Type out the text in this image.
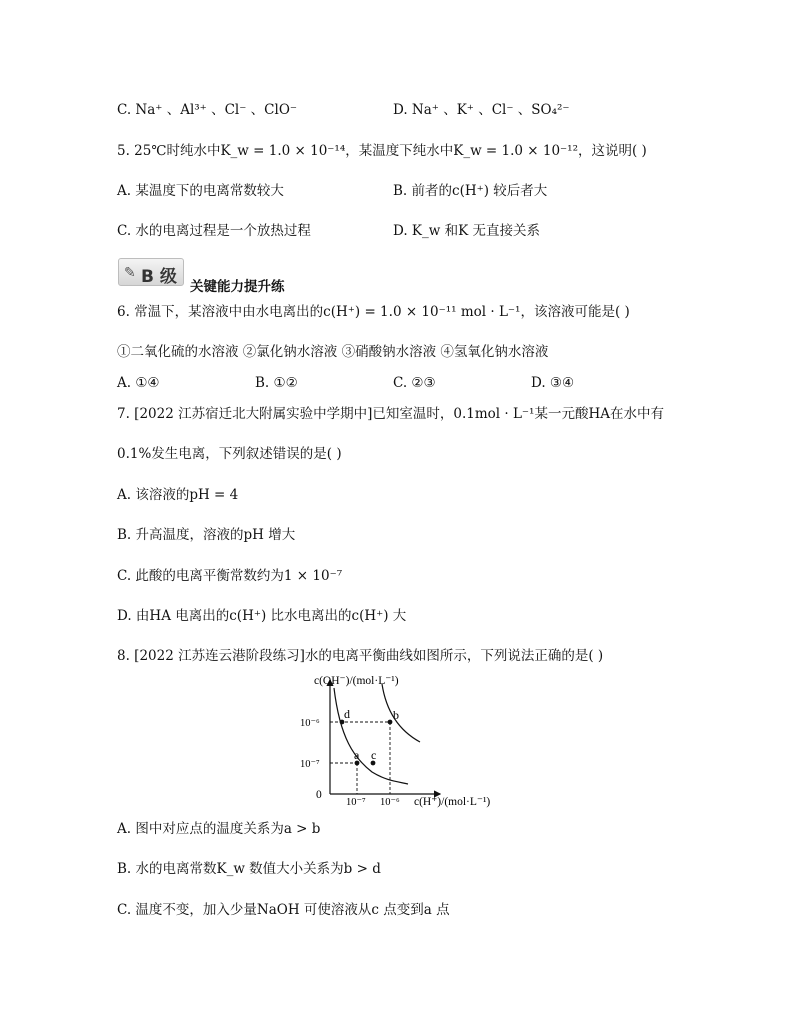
C. Na⁺ 、Al³⁺ 、Cl⁻ 、ClO⁻	D. Na⁺ 、K⁺ 、Cl⁻ 、SO₄²⁻
5. 25℃时纯水中K_w = 1.0 × 10⁻¹⁴，某温度下纯水中K_w = 1.0 × 10⁻¹²，这说明( )
A. 某温度下的电离常数较大	B. 前者的c(H⁺) 较后者大
C. 水的电离过程是一个放热过程	D. K_w 和K 无直接关系
✎ B 级 关键能力提升练
6. 常温下，某溶液中由水电离出的c(H⁺) = 1.0 × 10⁻¹¹ mol · L⁻¹，该溶液可能是( )
①二氧化硫的水溶液 ②氯化钠水溶液 ③硝酸钠水溶液 ④氢氧化钠水溶液
A. ①④	B. ①②	C. ②③	D. ③④
7. [2022 江苏宿迁北大附属实验中学期中]已知室温时，0.1mol · L⁻¹某一元酸HA在水中有
0.1%发生电离，下列叙述错误的是( )
A. 该溶液的pH = 4
B. 升高温度，溶液的pH 增大
C. 此酸的电离平衡常数约为1 × 10⁻⁷
D. 由HA 电离出的c(H⁺) 比水电离出的c(H⁺) 大
8. [2022 江苏连云港阶段练习]水的电离平衡曲线如图所示，下列说法正确的是( )
c(OH⁻)/(mol·L⁻¹)
c(H⁺)/(mol·L⁻¹)
0
10⁻⁶
10⁻⁷
10⁻⁷ 10⁻⁶
d	b
a c
A. 图中对应点的温度关系为a > b
B. 水的电离常数K_w 数值大小关系为b > d
C. 温度不变，加入少量NaOH 可使溶液从c 点变到a 点
